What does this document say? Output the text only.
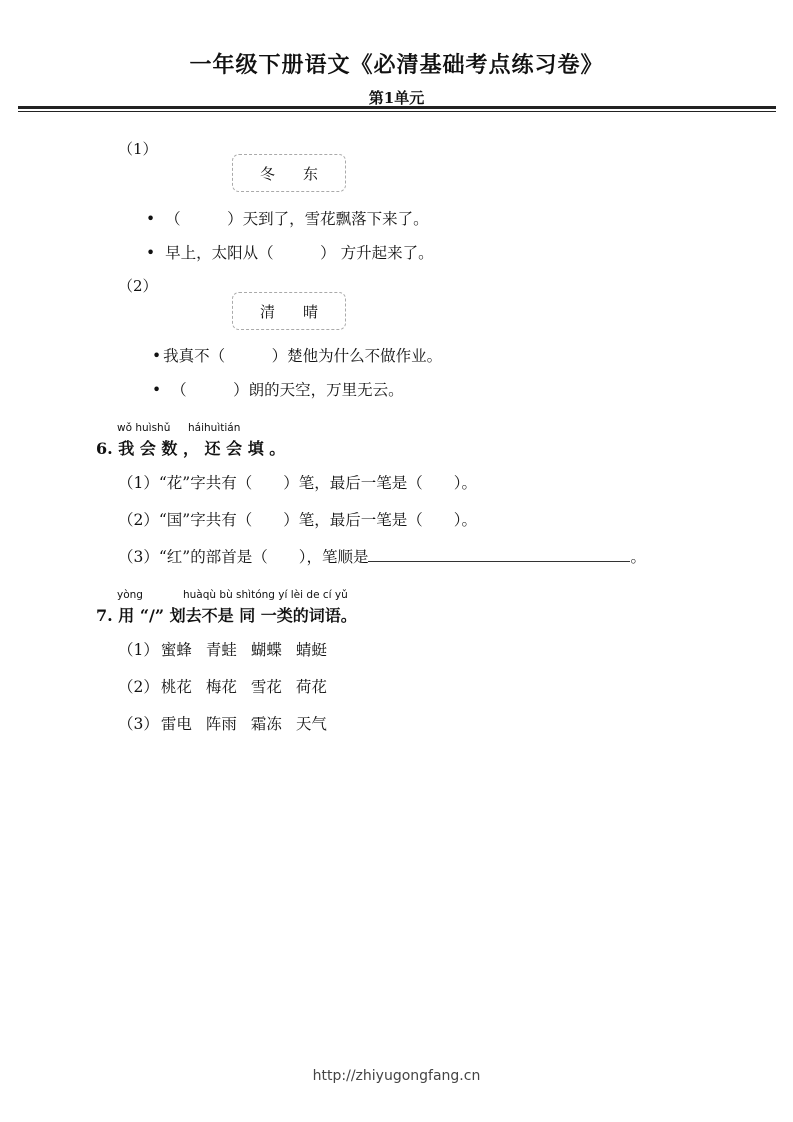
一年级下册语文《必清基础考点练习卷》
第1单元
（1）
冬 东
• （　　　）天到了，雪花飘落下来了。
• 早上，太阳从（　　　） 方升起来了。
（2）
清 晴
• 我真不（　　　）楚他为什么不做作业。
• （　　　）朗的天空，万里无云。
wǒ huìshǔ háihuìtián
6. 我 会 数 ， 还 会 填 。
（1）“花”字共有（　　）笔，最后一笔是（　　）。
（2）“国”字共有（　　）笔，最后一笔是（　　）。
（3）“红”的部首是（　　），笔顺是	。
yòng	huàqù bù shìtóng yí lèi de cí yǔ
7. 用 “/” 划去不是 同 一类的词语。
（1） 蜜蜂 青蛙 蝴蝶 蜻蜓
（2） 桃花 梅花 雪花 荷花
（3） 雷电 阵雨 霜冻 天气
http://zhiyugongfang.cn
